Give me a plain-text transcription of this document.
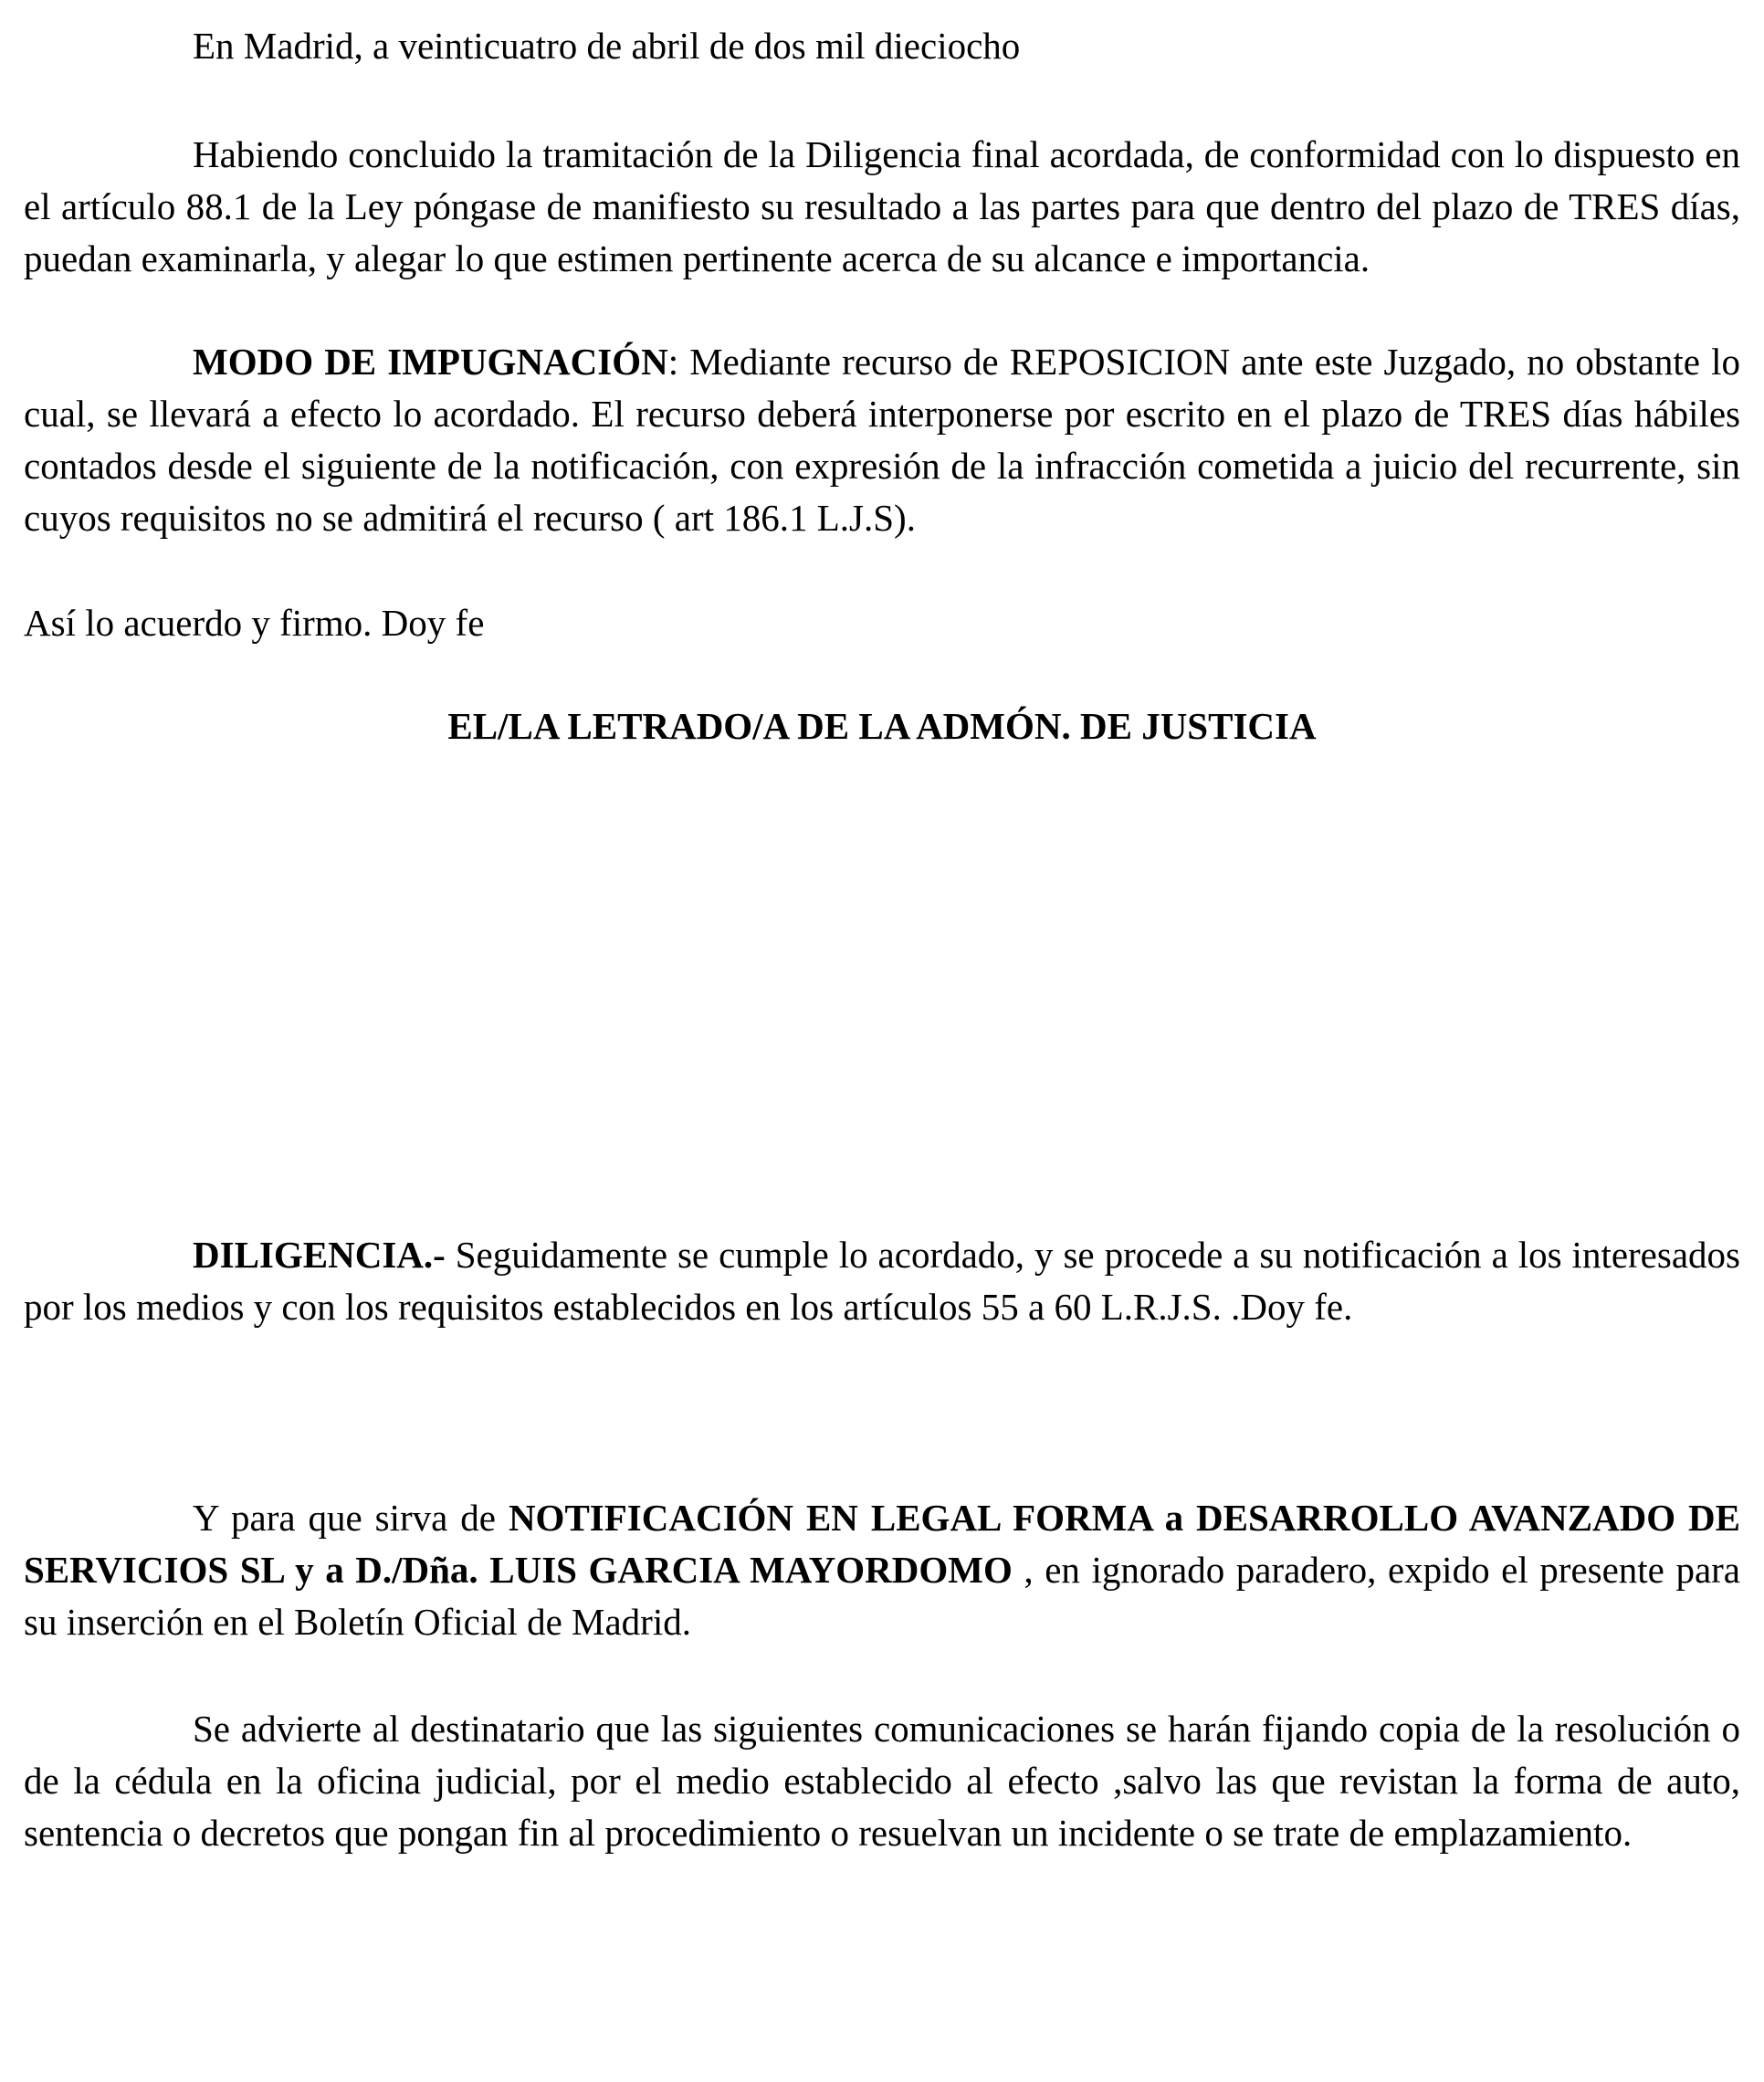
En Madrid, a veinticuatro de abril de dos mil dieciocho

Habiendo concluido la tramitación de la Diligencia final acordada, de conformidad con lo dispuesto en el artículo 88.1 de la Ley póngase de manifiesto su resultado a las partes para que dentro del plazo de TRES días, puedan examinarla, y alegar lo que estimen pertinente acerca de su alcance e importancia.

MODO DE IMPUGNACIÓN: Mediante recurso de REPOSICION ante este Juzgado, no obstante lo cual, se llevará a efecto lo acordado. El recurso deberá interponerse por escrito en el plazo de TRES días hábiles contados desde el siguiente de la notificación, con expresión de la infracción cometida a juicio del recurrente, sin cuyos requisitos no se admitirá el recurso ( art 186.1 L.J.S).

Así lo acuerdo y firmo. Doy fe

EL/LA LETRADO/A DE LA ADMÓN. DE JUSTICIA

DILIGENCIA.- Seguidamente se cumple lo acordado, y se procede a su notificación a los interesados por los medios y con los requisitos establecidos en los artículos 55 a 60 L.R.J.S. .Doy fe.

Y para que sirva de NOTIFICACIÓN EN LEGAL FORMA a DESARROLLO AVANZADO DE SERVICIOS SL y a D./Dña. LUIS GARCIA MAYORDOMO , en ignorado paradero, expido el presente para su inserción en el Boletín Oficial de Madrid.

Se advierte al destinatario que las siguientes comunicaciones se harán fijando copia de la resolución o de la cédula en la oficina judicial, por el medio establecido al efecto ,salvo las que revistan la forma de auto, sentencia o decretos que pongan fin al procedimiento o resuelvan un incidente o se trate de emplazamiento.
